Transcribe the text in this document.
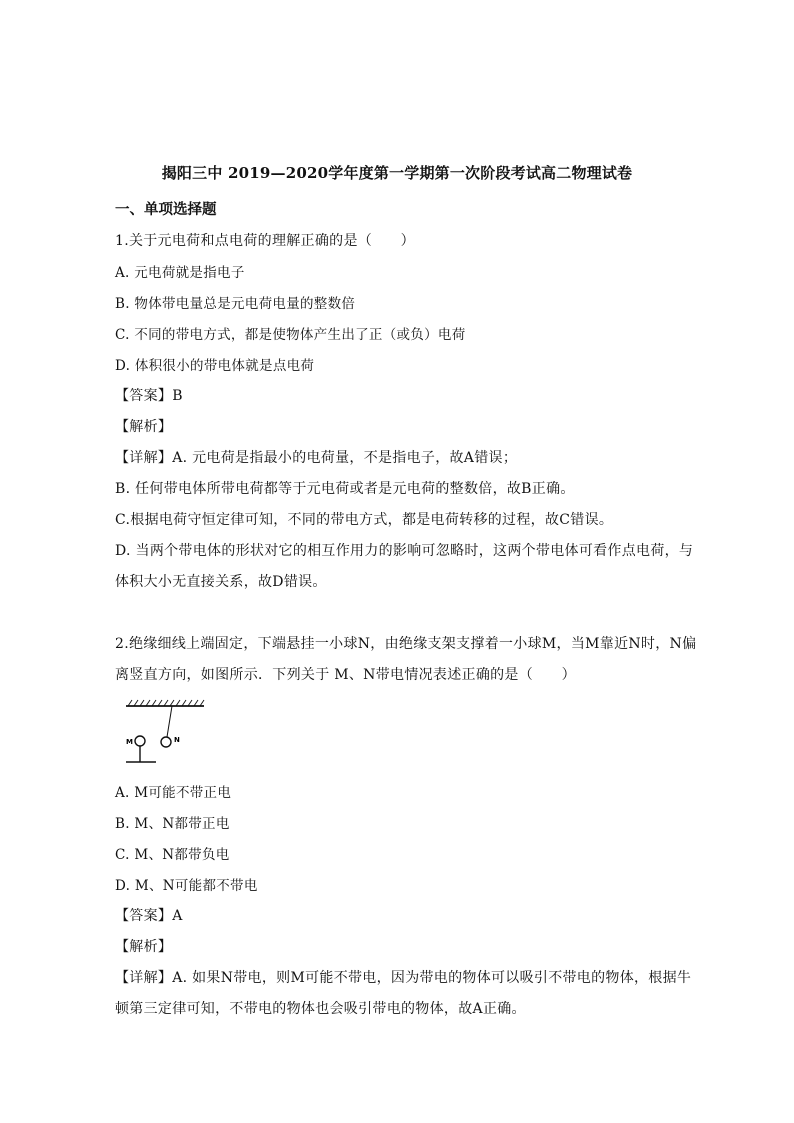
揭阳三中 2019—2020学年度第一学期第一次阶段考试高二物理试卷
一、单项选择题
1.关于元电荷和点电荷的理解正确的是（　　）
A. 元电荷就是指电子
B. 物体带电量总是元电荷电量的整数倍
C. 不同的带电方式，都是使物体产生出了正（或负）电荷
D. 体积很小的带电体就是点电荷
【答案】B
【解析】
【详解】A. 元电荷是指最小的电荷量，不是指电子，故A错误；
B. 任何带电体所带电荷都等于元电荷或者是元电荷的整数倍，故B正确。
C.根据电荷守恒定律可知，不同的带电方式，都是电荷转移的过程，故C错误。
D. 当两个带电体的形状对它的相互作用力的影响可忽略时，这两个带电体可看作点电荷，与
体积大小无直接关系，故D错误。
2.绝缘细线上端固定，下端悬挂一小球N，由绝缘支架支撑着一小球M，当M靠近N时，N偏
离竖直方向，如图所示．下列关于 M、N带电情况表述正确的是（　　）
N
M
A. M可能不带正电
B. M、N都带正电
C. M、N都带负电
D. M、N可能都不带电
【答案】A
【解析】
【详解】A. 如果N带电，则M可能不带电，因为带电的物体可以吸引不带电的物体，根据牛
顿第三定律可知，不带电的物体也会吸引带电的物体，故A正确。
